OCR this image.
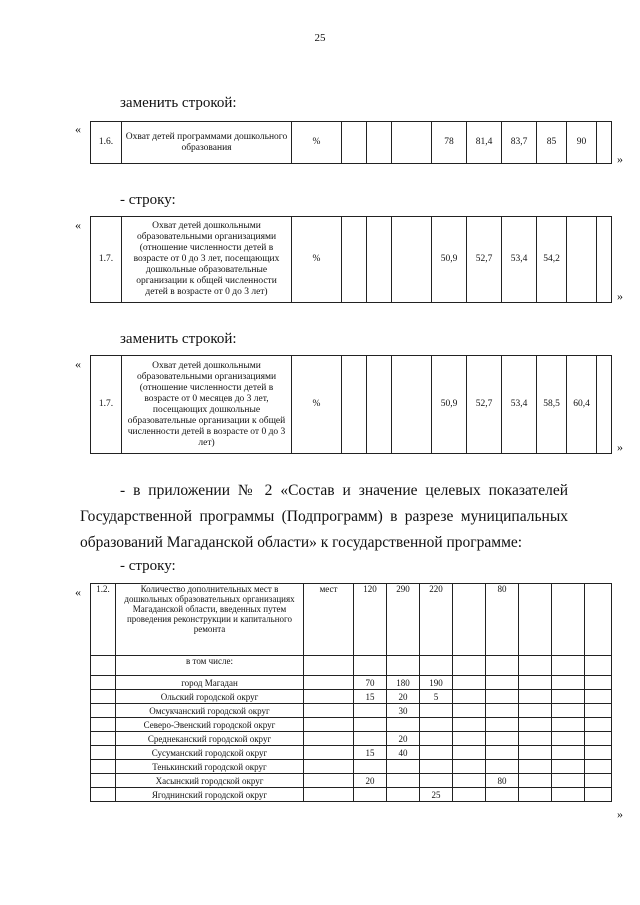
25
заменить строкой:
«
1.6.	Охват детей программами дошкольного образования	%				78	81,4	83,7	85	90	
»
- строку:
«
1.7.	Охват детей дошкольными образовательными организациями (отношение численности детей в возрасте от 0 до 3 лет, посещающих дошкольные образовательные организации к общей численности детей в возрасте от 0 до 3 лет)	%				50,9	52,7	53,4	54,2		
»
заменить строкой:
«
1.7.	Охват детей дошкольными образовательными организациями (отношение численности детей в возрасте от 0 месяцев до 3 лет, посещающих дошкольные образовательные организации к общей численности детей в возрасте от 0 до 3 лет)	%				50,9	52,7	53,4	58,5	60,4	
»
- в приложении № 2 «Состав и значение целевых показателей
Государственной программы (Подпрограмм) в разрезе муниципальных
образований Магаданской области» к государственной программе:
- строку:
« 1.2.	Количество дополнительных мест в дошкольных образовательных организациях Магаданской области, введенных путем проведения реконструкции и капитального ремонта	мест	120	290	220		80				
	в том числе:										
	город Магадан		70	180	190						
	Ольский городской округ		15	20	5						
	Омсукчанский городской округ			30							
	Северо-Эвенский городской округ										
	Среднеканский городской округ			20							
	Сусуманский городской округ		15	40							
	Тенькинский городской округ										
	Хасынский городской округ		20				80				
	Ягоднинский городской округ				25						
»
